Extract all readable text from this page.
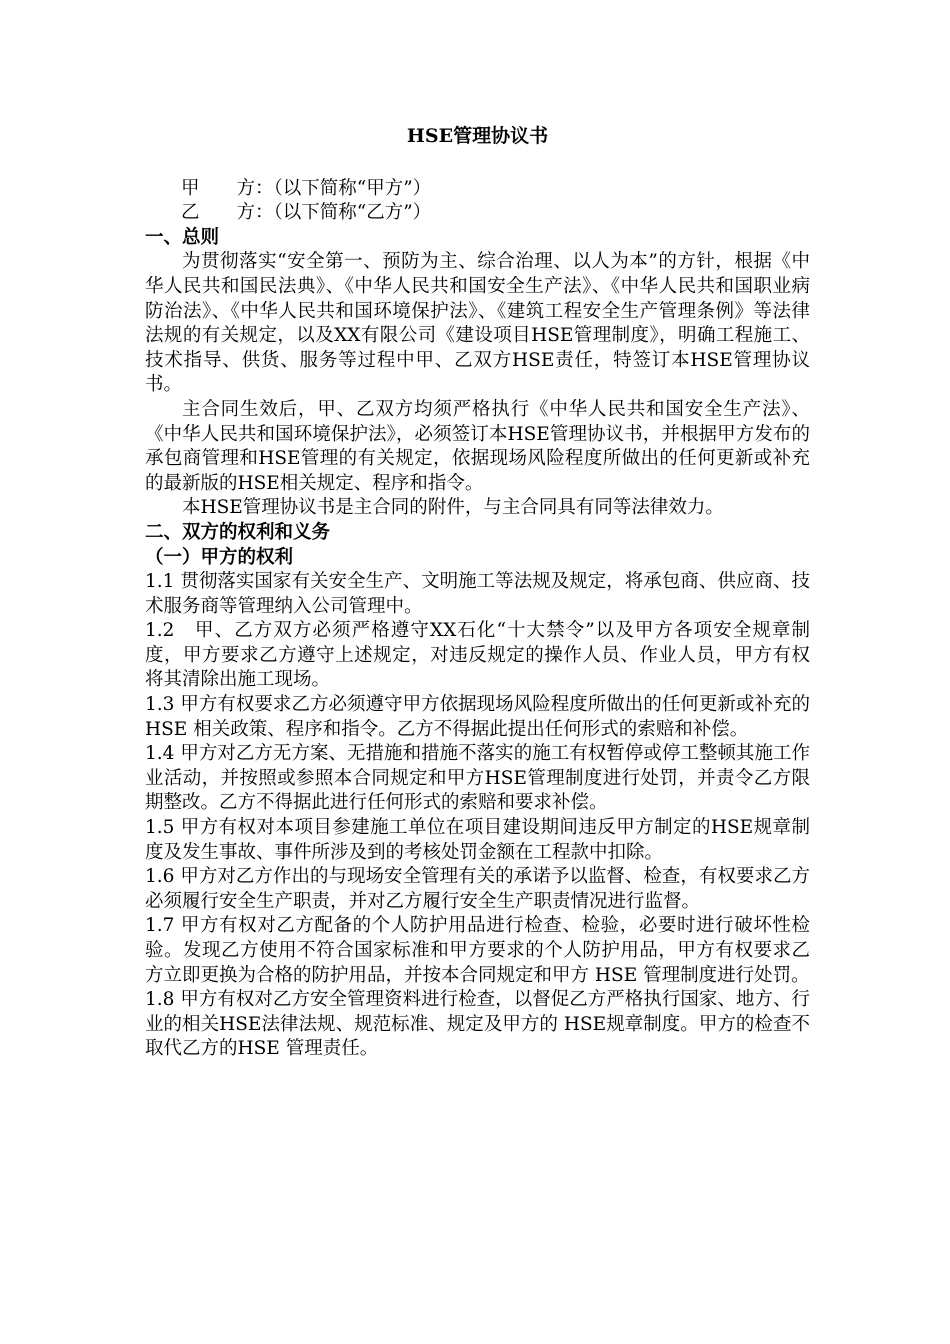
HSE管理协议书

甲　　方：（以下简称“甲方”）

乙　　方：（以下简称“乙方”）

一、总则

为贯彻落实“安全第一、预防为主、综合治理、以人为本”的方针，根据《中华人民共和国民法典》、《中华人民共和国安全生产法》、《中华人民共和国职业病防治法》、《中华人民共和国环境保护法》、《建筑工程安全生产管理条例》等法律法规的有关规定，以及XX有限公司《建设项目HSE管理制度》，明确工程施工、技术指导、供货、服务等过程中甲、乙双方HSE责任，特签订本HSE管理协议书。

主合同生效后，甲、乙双方均须严格执行《中华人民共和国安全生产法》、《中华人民共和国环境保护法》，必须签订本HSE管理协议书，并根据甲方发布的承包商管理和HSE管理的有关规定，依据现场风险程度所做出的任何更新或补充的最新版的HSE相关规定、程序和指令。

本HSE管理协议书是主合同的附件，与主合同具有同等法律效力。

二、双方的权利和义务

（一）甲方的权利

1.1 贯彻落实国家有关安全生产、文明施工等法规及规定，将承包商、供应商、技术服务商等管理纳入公司管理中。

1.2　甲、乙方双方必须严格遵守XX石化“十大禁令”以及甲方各项安全规章制度，甲方要求乙方遵守上述规定，对违反规定的操作人员、作业人员，甲方有权将其清除出施工现场。

1.3 甲方有权要求乙方必须遵守甲方依据现场风险程度所做出的任何更新或补充的HSE 相关政策、程序和指令。乙方不得据此提出任何形式的索赔和补偿。

1.4 甲方对乙方无方案、无措施和措施不落实的施工有权暂停或停工整顿其施工作业活动，并按照或参照本合同规定和甲方HSE管理制度进行处罚，并责令乙方限期整改。乙方不得据此进行任何形式的索赔和要求补偿。

1.5 甲方有权对本项目参建施工单位在项目建设期间违反甲方制定的HSE规章制度及发生事故、事件所涉及到的考核处罚金额在工程款中扣除。

1.6 甲方对乙方作出的与现场安全管理有关的承诺予以监督、检查，有权要求乙方必须履行安全生产职责，并对乙方履行安全生产职责情况进行监督。

1.7 甲方有权对乙方配备的个人防护用品进行检查、检验，必要时进行破坏性检验。发现乙方使用不符合国家标准和甲方要求的个人防护用品，甲方有权要求乙方立即更换为合格的防护用品，并按本合同规定和甲方 HSE 管理制度进行处罚。

1.8 甲方有权对乙方安全管理资料进行检查，以督促乙方严格执行国家、地方、行业的相关HSE法律法规、规范标准、规定及甲方的 HSE规章制度。甲方的检查不取代乙方的HSE 管理责任。
